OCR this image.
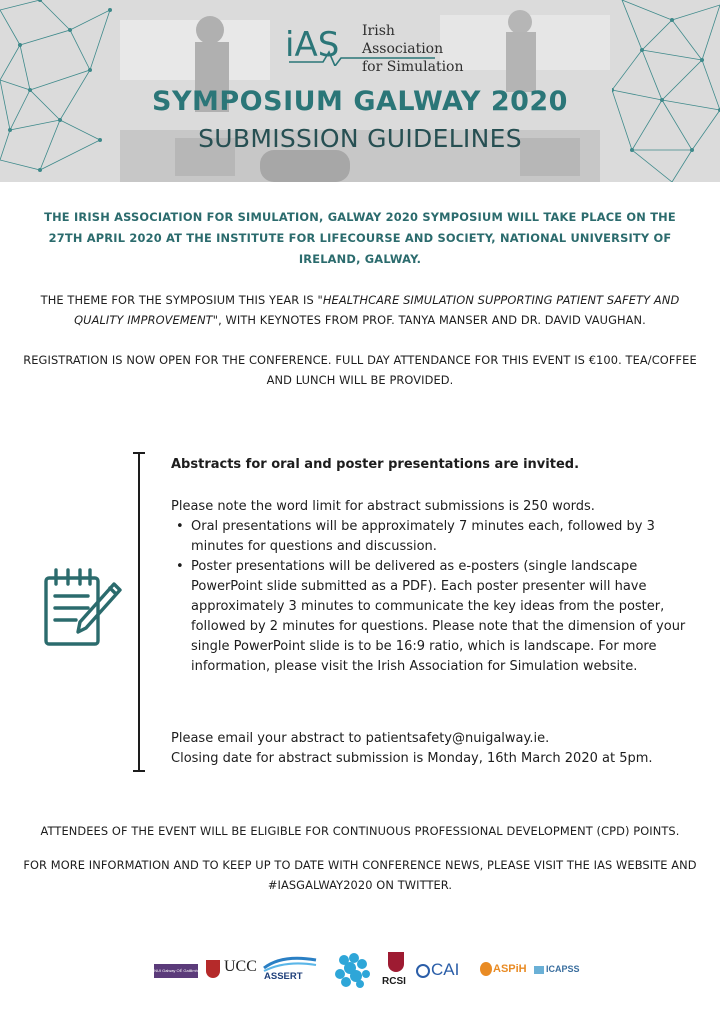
iAS Irish Association
for Simulation
SYMPOSIUM GALWAY 2020
SUBMISSION GUIDELINES
THE IRISH ASSOCIATION FOR SIMULATION, GALWAY 2020 SYMPOSIUM WILL TAKE PLACE ON THE 27TH APRIL 2020 AT THE INSTITUTE FOR LIFECOURSE AND SOCIETY, NATIONAL UNIVERSITY OF IRELAND, GALWAY.
THE THEME FOR THE SYMPOSIUM THIS YEAR IS "HEALTHCARE SIMULATION SUPPORTING PATIENT SAFETY AND QUALITY IMPROVEMENT", WITH KEYNOTES FROM PROF. TANYA MANSER AND DR. DAVID VAUGHAN.
REGISTRATION IS NOW OPEN FOR THE CONFERENCE. FULL DAY ATTENDANCE FOR THIS EVENT IS €100. TEA/COFFEE AND LUNCH WILL BE PROVIDED.
Abstracts for oral and poster presentations are invited.
Please note the word limit for abstract submissions is 250 words.
• Oral presentations will be approximately 7 minutes each, followed by 3 minutes for questions and discussion.
• Poster presentations will be delivered as e-posters (single landscape PowerPoint slide submitted as a PDF). Each poster presenter will have approximately 3 minutes to communicate the key ideas from the poster, followed by 2 minutes for questions. Please note that the dimension of your single PowerPoint slide is to be 16:9 ratio, which is landscape. For more information, please visit the Irish Association for Simulation website.
Please email your abstract to patientsafety@nuigalway.ie.
Closing date for abstract submission is Monday, 16th March 2020 at 5pm.
ATTENDEES OF THE EVENT WILL BE ELIGIBLE FOR CONTINUOUS PROFESSIONAL DEVELOPMENT (CPD) POINTS.
FOR MORE INFORMATION AND TO KEEP UP TO DATE WITH CONFERENCE NEWS, PLEASE VISIT THE IAS WEBSITE AND #IASGALWAY2020 ON TWITTER.
NUI Galway OÉ Gaillimh UCC
ASSERT	RCSI
CAI	ASPiH ICAPSS
